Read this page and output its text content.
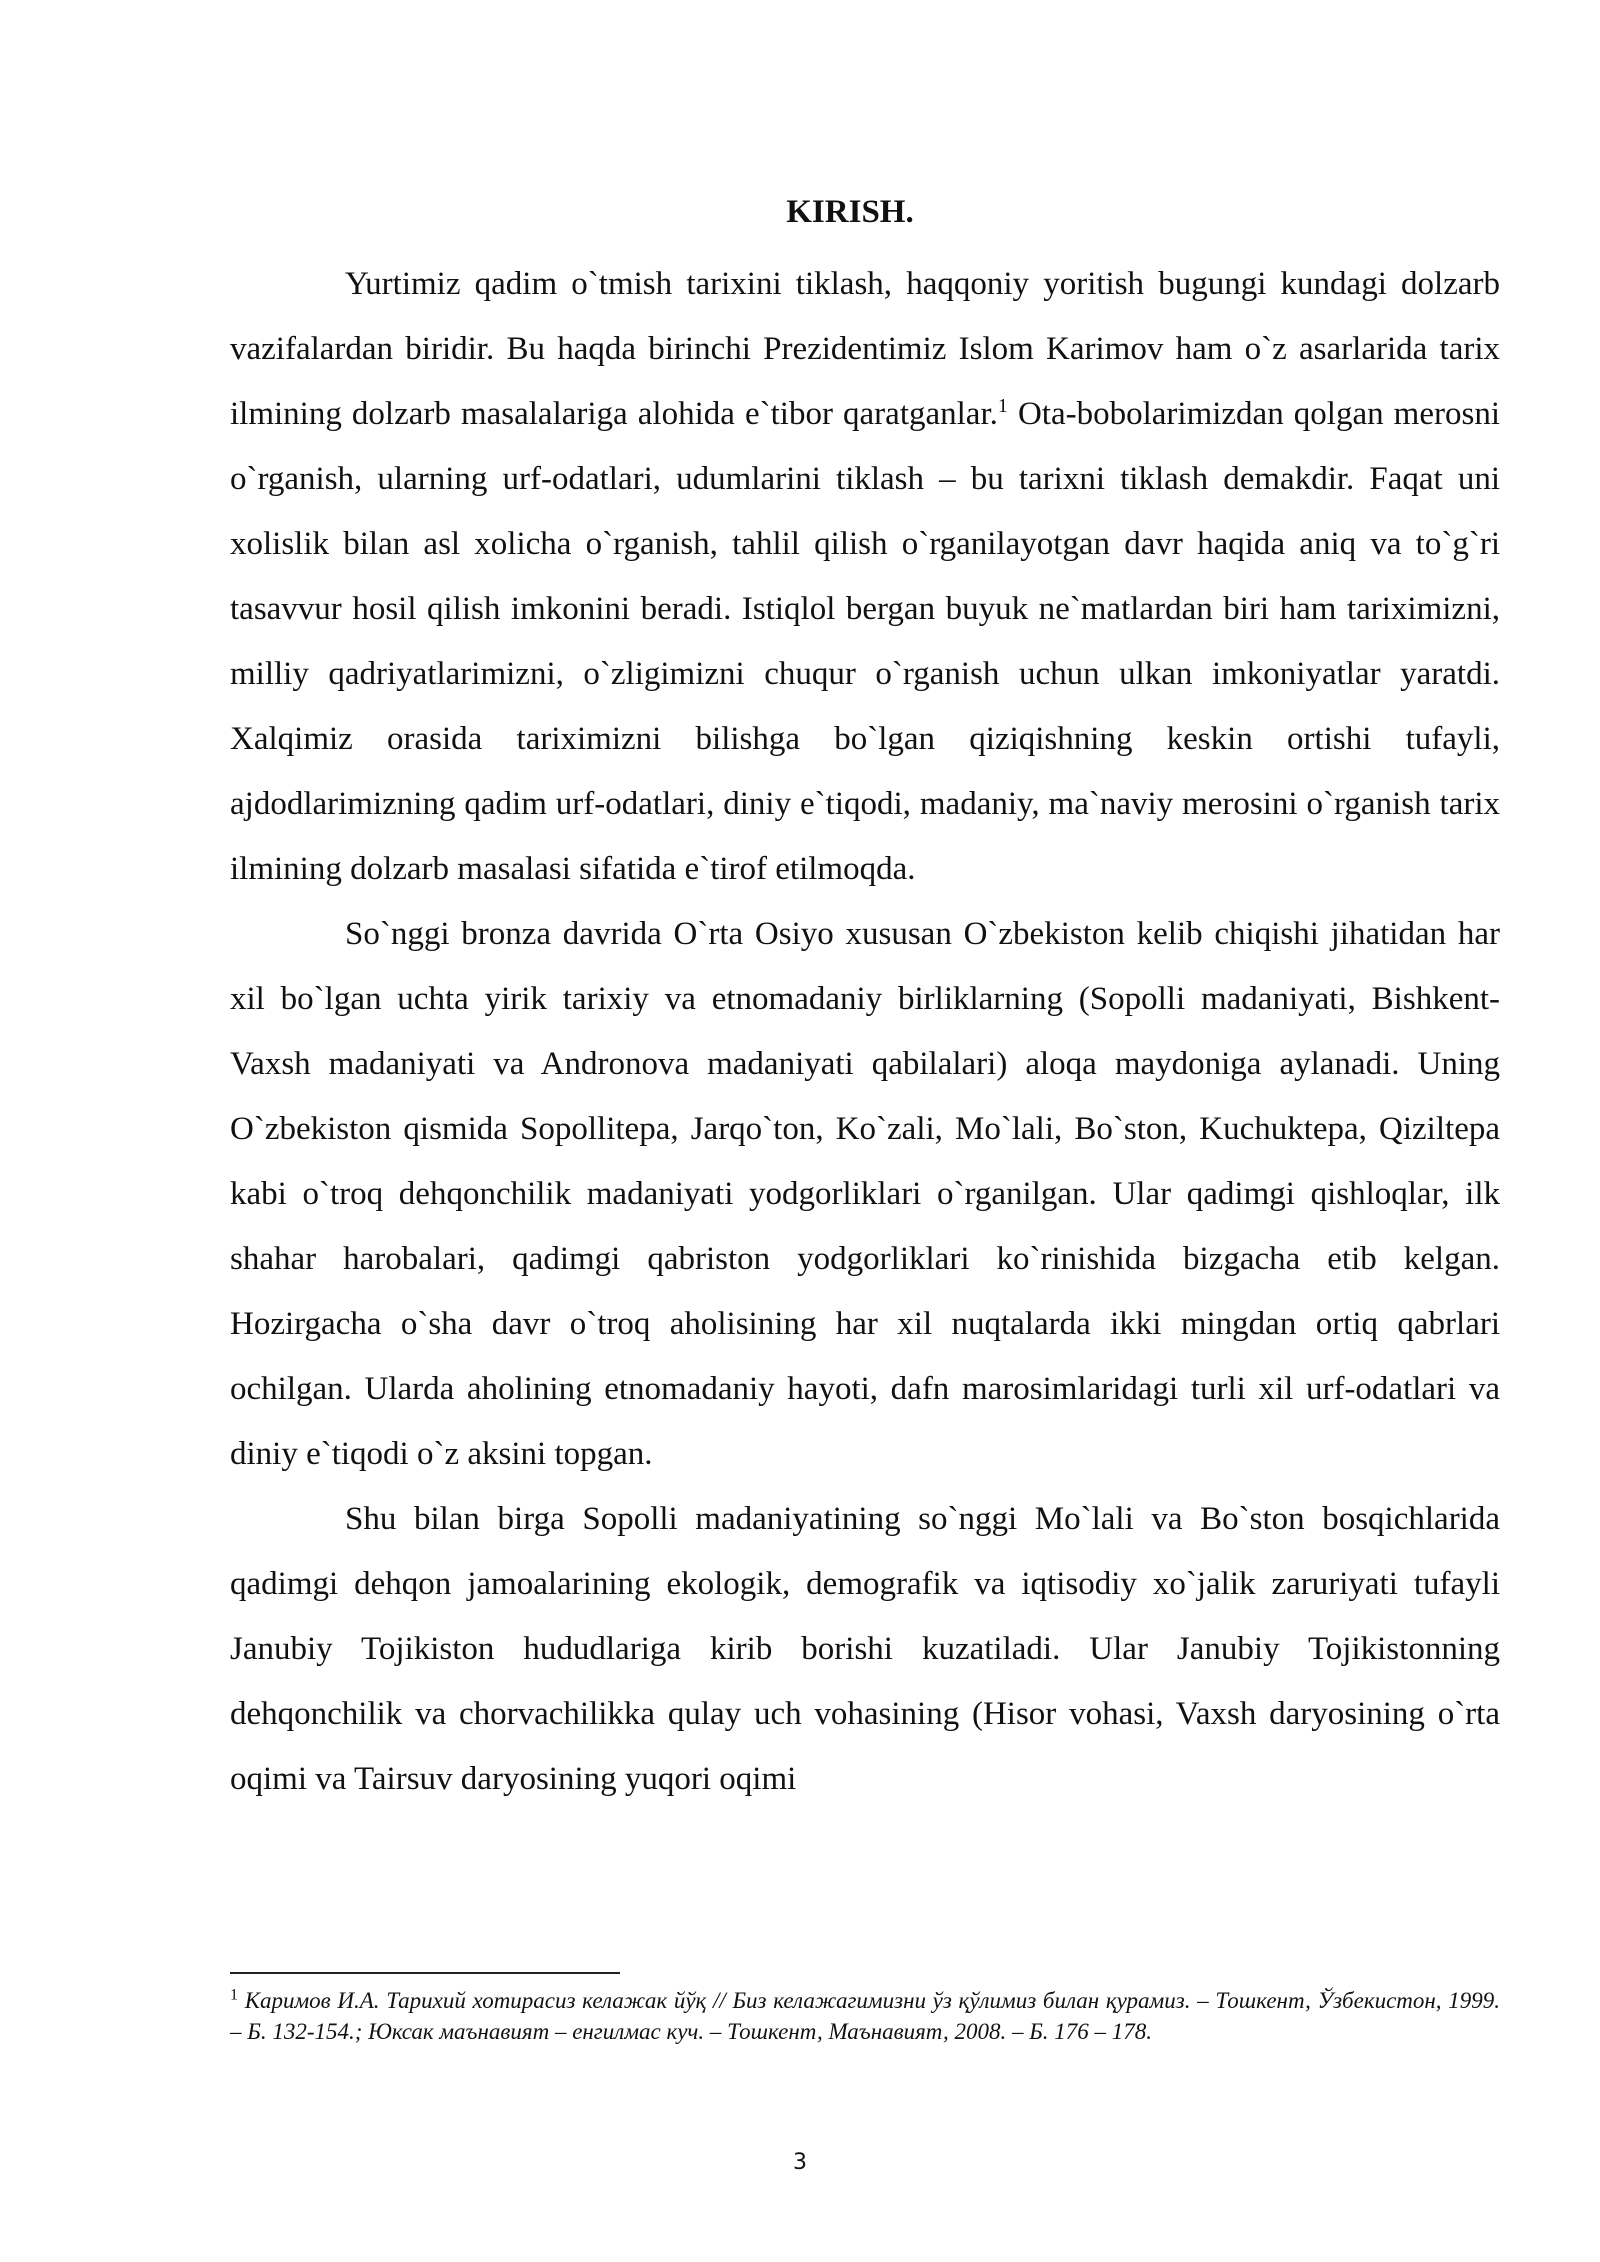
KIRISH.

Yurtimiz qadim o`tmish tarixini tiklash, haqqoniy yoritish bugungi kundagi dolzarb vazifalardan biridir. Bu haqda birinchi Prezidentimiz Islom Karimov ham o`z asarlarida tarix ilmining dolzarb masalalariga alohida e`tibor qaratganlar.$^1$ Ota-bobolarimizdan qolgan merosni o`rganish, ularning urf-odatlari, udumlarini tiklash – bu tarixni tiklash demakdir. Faqat uni xolislik bilan asl xolicha o`rganish, tahlil qilish o`rganilayotgan davr haqida aniq va to`g`ri tasavvur hosil qilish imkonini beradi. Istiqlol bergan buyuk ne`matlardan biri ham tariximizni, milliy qadriyatlarimizni, o`zligimizni chuqur o`rganish uchun ulkan imkoniyatlar yaratdi. Xalqimiz orasida tariximizni bilishga bo`lgan qiziqishning keskin ortishi tufayli, ajdodlarimizning qadim urf-odatlari, diniy e`tiqodi, madaniy, ma`naviy merosini o`rganish tarix ilmining dolzarb masalasi sifatida e`tirof etilmoqda.

So`nggi bronza davrida O`rta Osiyo xususan O`zbekiston kelib chiqishi jihatidan har xil bo`lgan uchta yirik tarixiy va etnomadaniy birliklarning (Sopolli madaniyati, Bishkent-Vaxsh madaniyati va Andronova madaniyati qabilalari) aloqa maydoniga aylanadi. Uning O`zbekiston qismida Sopollitepa, Jarqo`ton, Ko`zali, Mo`lali, Bo`ston, Kuchuktepa, Qiziltepa kabi o`troq dehqonchilik madaniyati yodgorliklari o`rganilgan. Ular qadimgi qishloqlar, ilk shahar harobalari, qadimgi qabriston yodgorliklari ko`rinishida bizgacha etib kelgan. Hozirgacha o`sha davr o`troq aholisining har xil nuqtalarda ikki mingdan ortiq qabrlari ochilgan. Ularda aholining etnomadaniy hayoti, dafn marosimlaridagi turli xil urf-odatlari va diniy e`tiqodi o`z aksini topgan.

Shu bilan birga Sopolli madaniyatining so`nggi Mo`lali va Bo`ston bosqichlarida qadimgi dehqon jamoalarining ekologik, demografik va iqtisodiy xo`jalik zaruriyati tufayli Janubiy Tojikiston hududlariga kirib borishi kuzatiladi. Ular Janubiy Tojikistonning dehqonchilik va chorvachilikka qulay uch vohasining (Hisor vohasi, Vaxsh daryosining o`rta oqimi va Tairsuv daryosining yuqori oqimi

$^1$ Каримов И.А. Тарихий хотирасиз келажак йўқ // Биз келажагимизни ўз қўлимиз билан қурамиз. – Тошкент, Ўзбекистон, 1999. – Б. 132-154.; Юксак маънавият – енгилмас куч. – Тошкент, Маънавият, 2008. – Б. 176 – 178.
3
